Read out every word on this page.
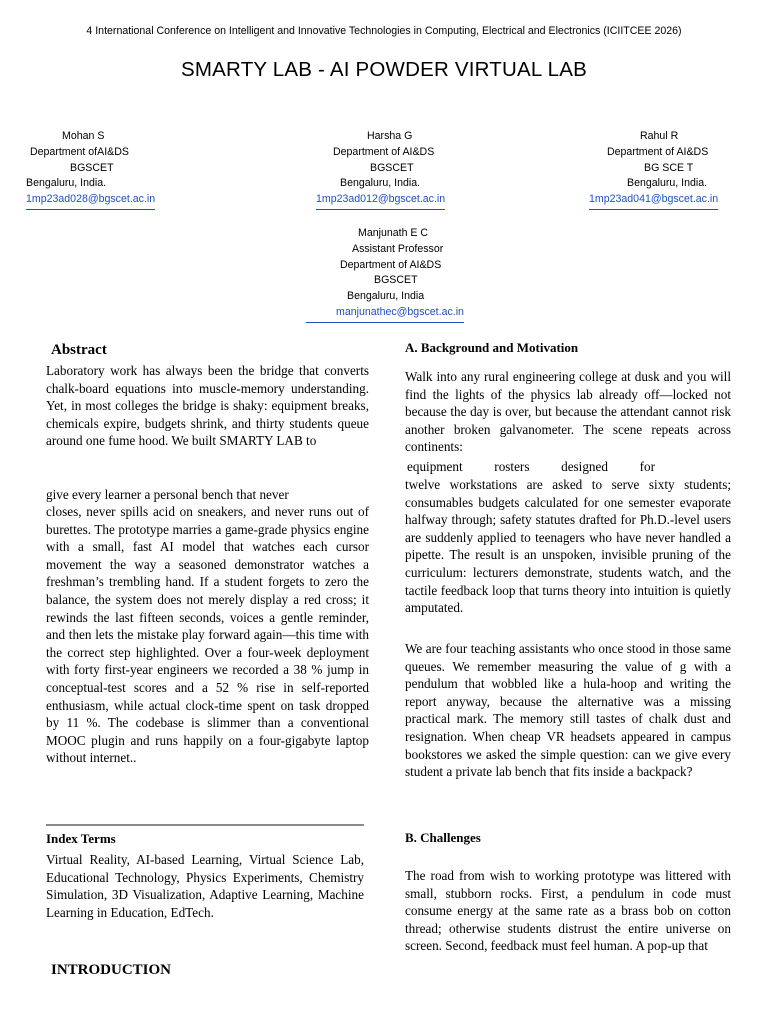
4 International Conference on Intelligent and Innovative Technologies in Computing, Electrical and Electronics (ICIITCEE 2026)
SMARTY LAB - AI POWDER VIRTUAL LAB
Mohan S
Department ofAI&DS
BGSCET
Bengaluru, India.
1mp23ad028@bgscet.ac.in
Harsha G
Department of AI&DS
BGSCET
Bengaluru, India.
1mp23ad012@bgscet.ac.in
Rahul R
Department of AI&DS
BG SCE T
Bengaluru, India.
1mp23ad041@bgscet.ac.in
Manjunath E C
Assistant Professor
Department of AI&DS
BGSCET
Bengaluru, India
manjunathec@bgscet.ac.in
Abstract

Laboratory work has always been the bridge that converts chalk-board equations into muscle-memory understanding. Yet, in most colleges the bridge is shaky: equipment breaks, chemicals expire, budgets shrink, and thirty students queue around one fume hood. We built SMARTY LAB to

give every learner a personal bench that never

closes, never spills acid on sneakers, and never runs out of burettes. The prototype marries a game-grade physics engine with a small, fast AI model that watches each cursor movement the way a seasoned demonstrator watches a freshman’s trembling hand. If a student forgets to zero the balance, the system does not merely display a red cross; it rewinds the last fifteen seconds, voices a gentle reminder, and then lets the mistake play forward again—this time with the correct step highlighted. Over a four-week deployment with forty first-year engineers we recorded a 38 % jump in conceptual-test scores and a 52 % rise in self-reported enthusiasm, while actual clock-time spent on task dropped by 11 %. The codebase is slimmer than a conventional MOOC plugin and runs happily on a four-gigabyte laptop without internet..

Index Terms

Virtual Reality, AI-based Learning, Virtual Science Lab, Educational Technology, Physics Experiments, Chemistry Simulation, 3D Visualization, Adaptive Learning, Machine Learning in Education, EdTech.

INTRODUCTION
A. Background and Motivation

Walk into any rural engineering college at dusk and you will find the lights of the physics lab already off—locked not because the day is over, but because the attendant cannot risk another broken galvanometer. The scene repeats across continents:

equipment rosters designed for

twelve workstations are asked to serve sixty students; consumables budgets calculated for one semester evaporate halfway through; safety statutes drafted for Ph.D.-level users are suddenly applied to teenagers who have never handled a pipette. The result is an unspoken, invisible pruning of the curriculum: lecturers demonstrate, students watch, and the tactile feedback loop that turns theory into intuition is quietly amputated.

We are four teaching assistants who once stood in those same queues. We remember measuring the value of g with a pendulum that wobbled like a hula-hoop and writing the report anyway, because the alternative was a missing practical mark. The memory still tastes of chalk dust and resignation. When cheap VR headsets appeared in campus bookstores we asked the simple question: can we give every student a private lab bench that fits inside a backpack?

B. Challenges

The road from wish to working prototype was littered with small, stubborn rocks. First, a pendulum in code must consume energy at the same rate as a brass bob on cotton thread; otherwise students distrust the entire universe on screen. Second, feedback must feel human. A pop-up that
